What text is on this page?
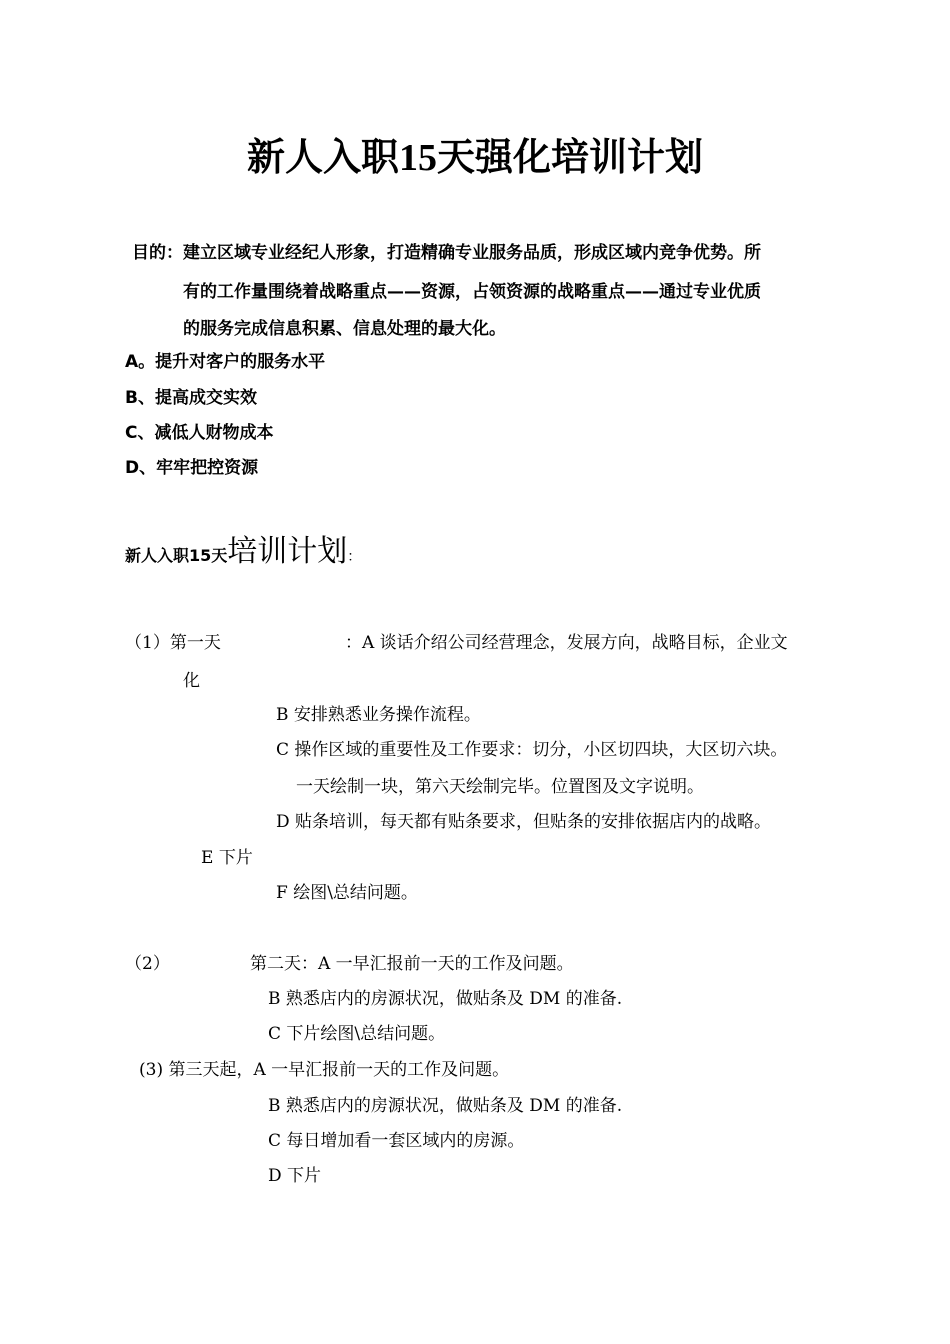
新人入职15天强化培训计划
目的：建立区域专业经纪人形象，打造精确专业服务品质，形成区域内竞争优势。所
有的工作量围绕着战略重点——资源，占领资源的战略重点——通过专业优质
的服务完成信息积累、信息处理的最大化。
A。提升对客户的服务水平
B、提高成交实效
C、减低人财物成本
D、牢牢把控资源
新人入职15天培训计划：
（1）第一天	：A 谈话介绍公司经营理念，发展方向，战略目标，企业文
化
B 安排熟悉业务操作流程。
C 操作区域的重要性及工作要求：切分，小区切四块，大区切六块。
一天绘制一块，第六天绘制完毕。位置图及文字说明。
D 贴条培训，每天都有贴条要求，但贴条的安排依据店内的战略。
E 下片
F 绘图\总结问题。
（2）	第二天：A 一早汇报前一天的工作及问题。
B 熟悉店内的房源状况，做贴条及 DM 的准备.
C 下片绘图\总结问题。
(3) 第三天起，A 一早汇报前一天的工作及问题。
B 熟悉店内的房源状况，做贴条及 DM 的准备.
C 每日增加看一套区域内的房源。
D 下片
